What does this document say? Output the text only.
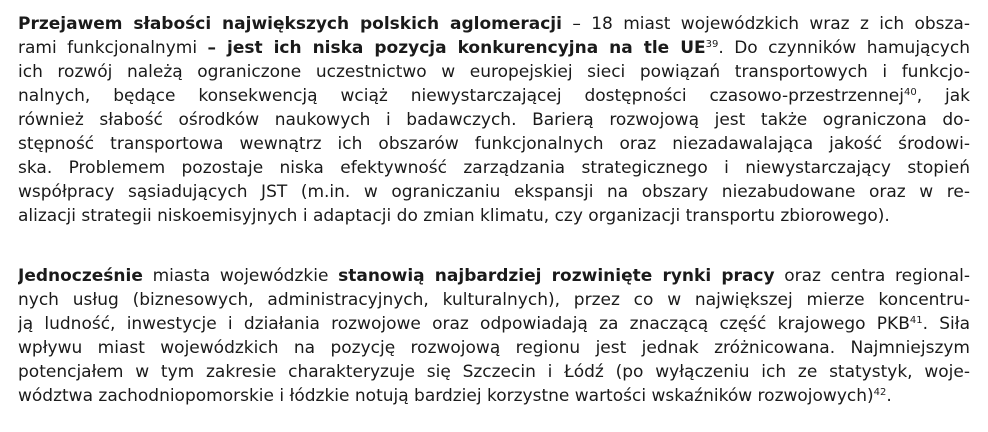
Przejawem słabości największych polskich aglomeracji – 18 miast wojewódzkich wraz z ich obsza-
rami funkcjonalnymi – jest ich niska pozycja konkurencyjna na tle UE$^{39}$. Do czynników hamujących
ich rozwój należą ograniczone uczestnictwo w europejskiej sieci powiązań transportowych i funkcjo-
nalnych, będące konsekwencją wciąż niewystarczającej dostępności czasowo-przestrzennej$^{40}$, jak
również słabość ośrodków naukowych i badawczych. Barierą rozwojową jest także ograniczona do-
stępność transportowa wewnątrz ich obszarów funkcjonalnych oraz niezadawalająca jakość środowi-
ska. Problemem pozostaje niska efektywność zarządzania strategicznego i niewystarczający stopień
współpracy sąsiadujących JST (m.in. w ograniczaniu ekspansji na obszary niezabudowane oraz w re-
alizacji strategii niskoemisyjnych i adaptacji do zmian klimatu, czy organizacji transportu zbiorowego).
Jednocześnie miasta wojewódzkie stanowią najbardziej rozwinięte rynki pracy oraz centra regional-
nych usług (biznesowych, administracyjnych, kulturalnych), przez co w największej mierze koncentru-
ją ludność, inwestycje i działania rozwojowe oraz odpowiadają za znaczącą część krajowego PKB$^{41}$. Siła
wpływu miast wojewódzkich na pozycję rozwojową regionu jest jednak zróżnicowana. Najmniejszym
potencjałem w tym zakresie charakteryzuje się Szczecin i Łódź (po wyłączeniu ich ze statystyk, woje-
wództwa zachodniopomorskie i łódzkie notują bardziej korzystne wartości wskaźników rozwojowych)$^{42}$.
